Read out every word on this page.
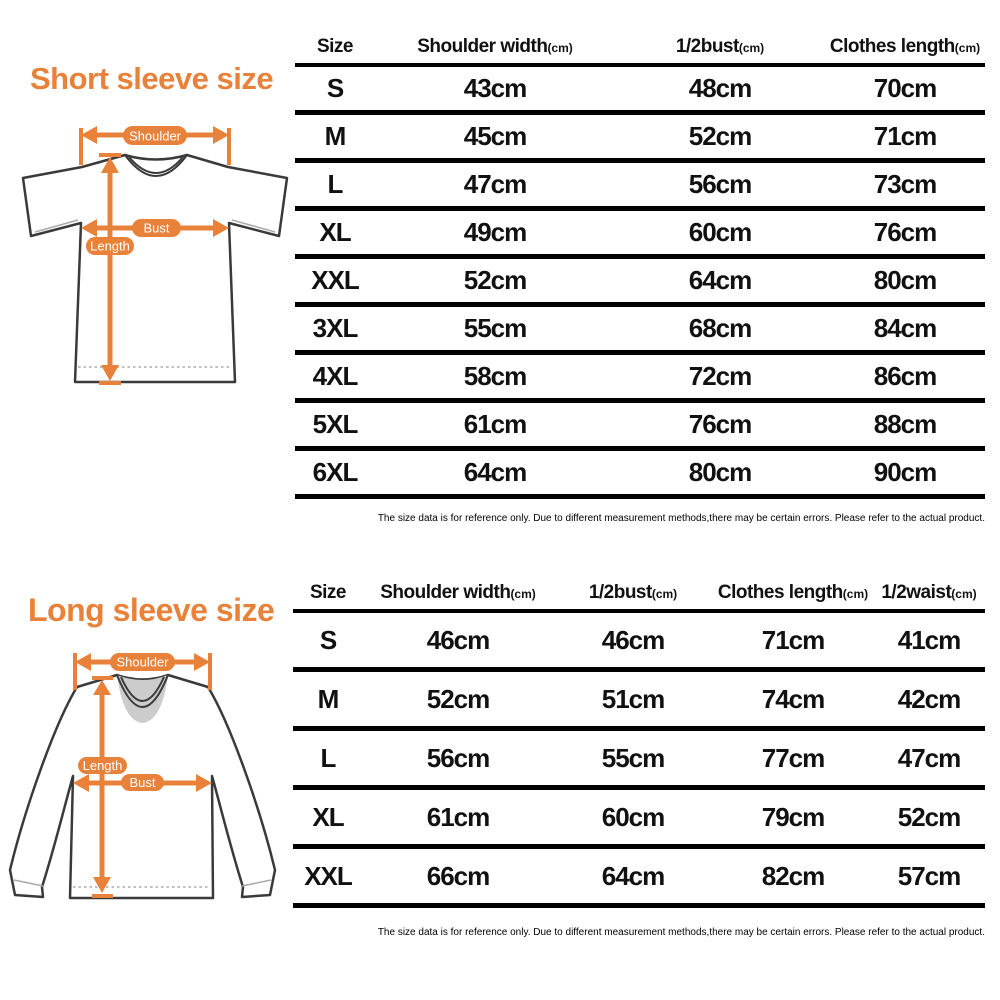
Short sleeve size
Shoulder
Bust
Length
Size	Shoulder width(cm)	1/2bust(cm)	Clothes length(cm)
S	43cm	48cm	70cm
M	45cm	52cm	71cm
L	47cm	56cm	73cm
XL	49cm	60cm	76cm
XXL	52cm	64cm	80cm
3XL	55cm	68cm	84cm
4XL	58cm	72cm	86cm
5XL	61cm	76cm	88cm
6XL	64cm	80cm	90cm

The size data is for reference only. Due to different measurement methods,there may be certain errors. Please refer to the actual product.

Long sleeve size
Shoulder
Length
Bust
Size	Shoulder width(cm)	1/2bust(cm)	Clothes length(cm)	1/2waist(cm)
S	46cm	46cm	71cm	41cm
M	52cm	51cm	74cm	42cm
L	56cm	55cm	77cm	47cm
XL	61cm	60cm	79cm	52cm
XXL	66cm	64cm	82cm	57cm

The size data is for reference only. Due to different measurement methods,there may be certain errors. Please refer to the actual product.
